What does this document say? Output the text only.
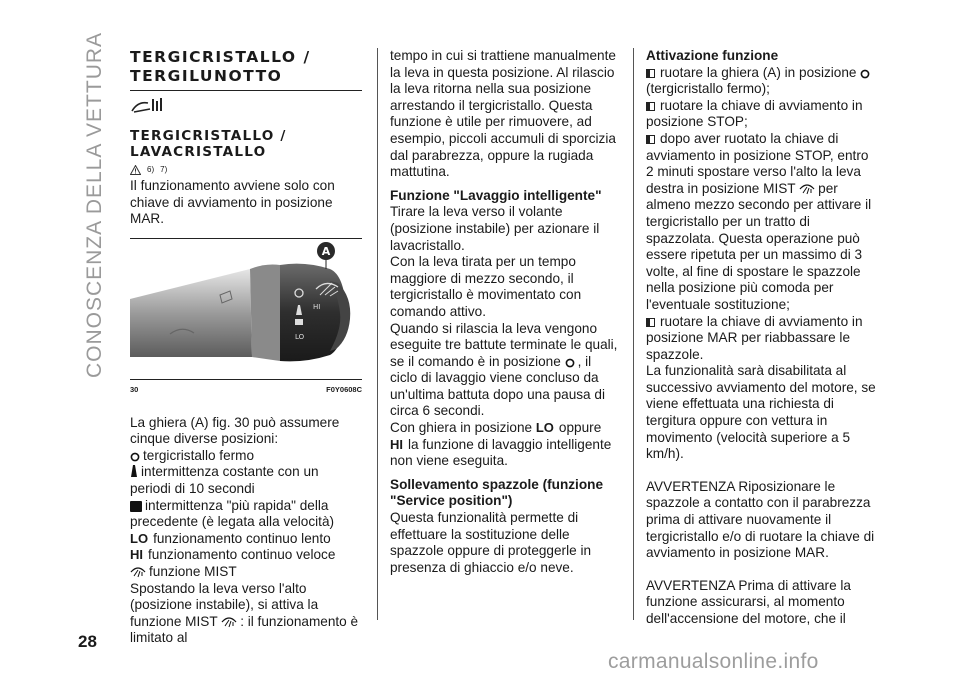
CONOSCENZA DELLA VETTURA
28
TERGICRISTALLO /
TERGILUNOTTO
TERGICRISTALLO /
LAVACRISTALLO
6) 7)

Il funzionamento avviene solo con chiave di avviamento in posizione MAR.

LO
HI
A
30	F0Y0608C

La ghiera (A) fig. 30 può assumere cinque diverse posizioni:

tergicristallo fermo

intermittenza costante con un periodi di 10 secondi

intermittenza "più rapida" della precedente (è legata alla velocità)

LO funzionamento continuo lento

HI funzionamento continuo veloce

funzione MIST

Spostando la leva verso l'alto (posizione instabile), si attiva la funzione MIST : il funzionamento è limitato al

tempo in cui si trattiene manualmente la leva in questa posizione. Al rilascio la leva ritorna nella sua posizione arrestando il tergicristallo. Questa funzione è utile per rimuovere, ad esempio, piccoli accumuli di sporcizia dal parabrezza, oppure la rugiada mattutina.

Funzione "Lavaggio intelligente"

Tirare la leva verso il volante (posizione instabile) per azionare il lavacristallo.

Con la leva tirata per un tempo maggiore di mezzo secondo, il tergicristallo è movimentato con comando attivo.

Quando si rilascia la leva vengono eseguite tre battute terminate le quali, se il comando è in posizione , il ciclo di lavaggio viene concluso da un'ultima battuta dopo una pausa di circa 6 secondi.

Con ghiera in posizione LO oppure HI la funzione di lavaggio intelligente non viene eseguita.

Sollevamento spazzole (funzione "Service position")

Questa funzionalità permette di effettuare la sostituzione delle spazzole oppure di proteggerle in presenza di ghiaccio e/o neve.

Attivazione funzione

ruotare la ghiera (A) in posizione  (tergicristallo fermo);

ruotare la chiave di avviamento in posizione STOP;

dopo aver ruotato la chiave di avviamento in posizione STOP, entro 2 minuti spostare verso l'alto la leva destra in posizione MIST per almeno mezzo secondo per attivare il tergicristallo per un tratto di spazzolata. Questa operazione può essere ripetuta per un massimo di 3 volte, al fine di spostare le spazzole nella posizione più comoda per l'eventuale sostituzione;

ruotare la chiave di avviamento in posizione MAR per riabbassare le spazzole.

La funzionalità sarà disabilitata al successivo avviamento del motore, se viene effettuata una richiesta di tergitura oppure con vettura in movimento (velocità superiore a 5 km/h).

AVVERTENZA Riposizionare le spazzole a contatto con il parabrezza prima di attivare nuovamente il tergicristallo e/o di ruotare la chiave di avviamento in posizione MAR.

AVVERTENZA Prima di attivare la funzione assicurarsi, al momento dell'accensione del motore, che il

carmanualsonline.info
